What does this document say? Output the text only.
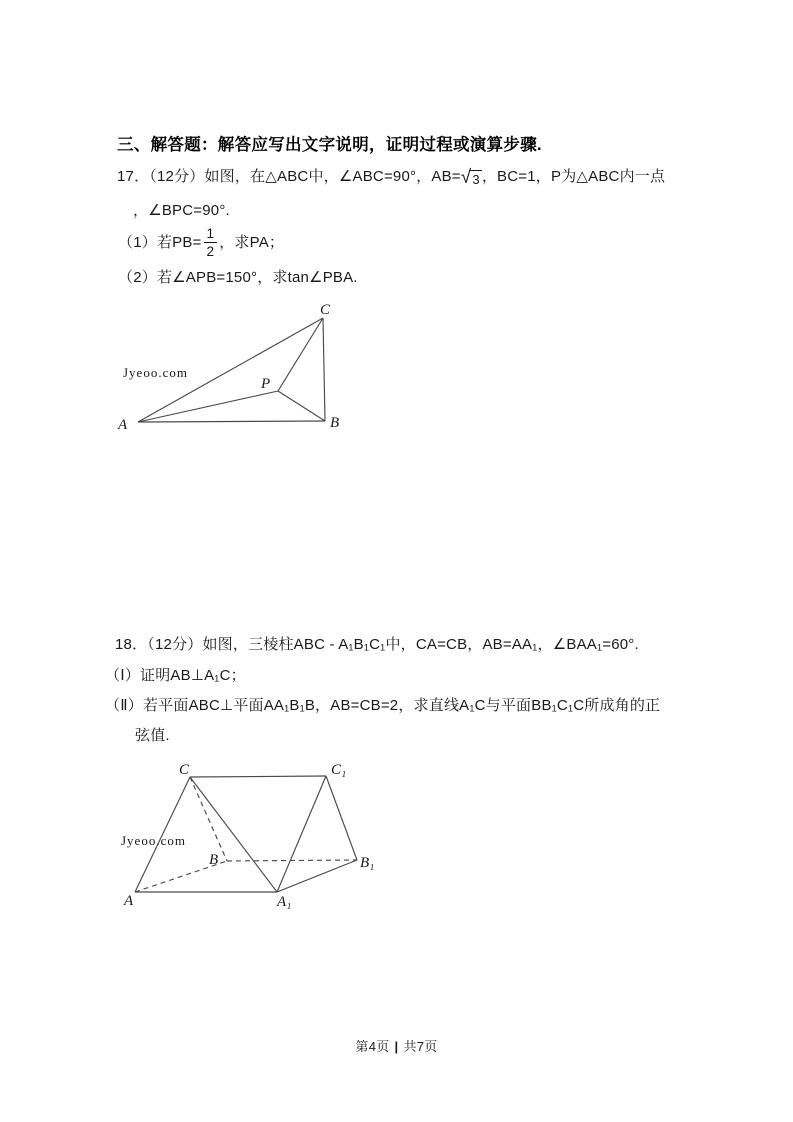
三、解答题：解答应写出文字说明，证明过程或演算步骤.
17．（12分）如图，在△ABC中，∠ABC=90°，AB= √ 3 ，BC=1，P为△ABC内一点
，∠BPC=90°.
（1）若$PB= \frac{1}{2}$ ，求PA；
（2）若∠APB=150°，求tan∠PBA.
Jyeoo.com
A	B
C
P
18．（12分）如图，三棱柱ABC - A₁B₁C₁中，CA=CB，AB=AA₁，∠BAA₁=60°.
（Ⅰ）证明AB⊥A₁C；
（Ⅱ）若平面ABC⊥平面AA₁B₁B，AB=CB=2，求直线A₁C与平面BB₁C₁C所成角的正
弦值.
Jyeoo.com
A	A₁
B	B₁
C	C₁
第4页 | 共7页
